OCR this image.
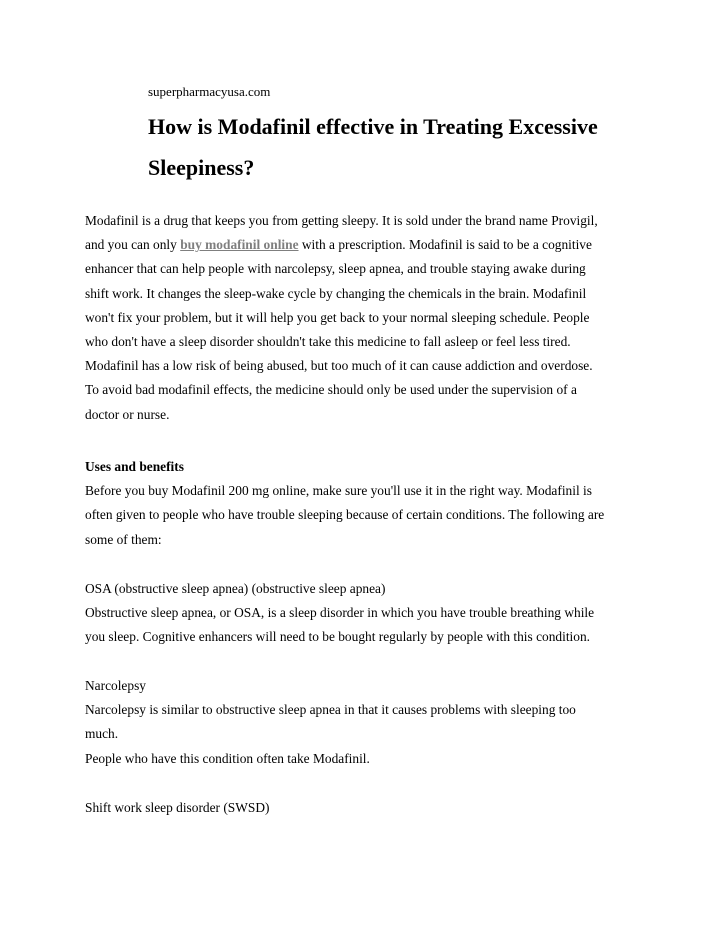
superpharmacyusa.com

How is Modafinil effective in Treating Excessive
Sleepiness?
Modafinil is a drug that keeps you from getting sleepy. It is sold under the brand name Provigil,
and you can only buy modafinil online with a prescription. Modafinil is said to be a cognitive
enhancer that can help people with narcolepsy, sleep apnea, and trouble staying awake during
shift work. It changes the sleep-wake cycle by changing the chemicals in the brain. Modafinil
won't fix your problem, but it will help you get back to your normal sleeping schedule. People
who don't have a sleep disorder shouldn't take this medicine to fall asleep or feel less tired.
Modafinil has a low risk of being abused, but too much of it can cause addiction and overdose.
To avoid bad modafinil effects, the medicine should only be used under the supervision of a
doctor or nurse.
Uses and benefits
Before you buy Modafinil 200 mg online, make sure you'll use it in the right way. Modafinil is
often given to people who have trouble sleeping because of certain conditions. The following are
some of them:
OSA (obstructive sleep apnea) (obstructive sleep apnea)
Obstructive sleep apnea, or OSA, is a sleep disorder in which you have trouble breathing while
you sleep. Cognitive enhancers will need to be bought regularly by people with this condition.
Narcolepsy
Narcolepsy is similar to obstructive sleep apnea in that it causes problems with sleeping too
much.
People who have this condition often take Modafinil.
Shift work sleep disorder (SWSD)
